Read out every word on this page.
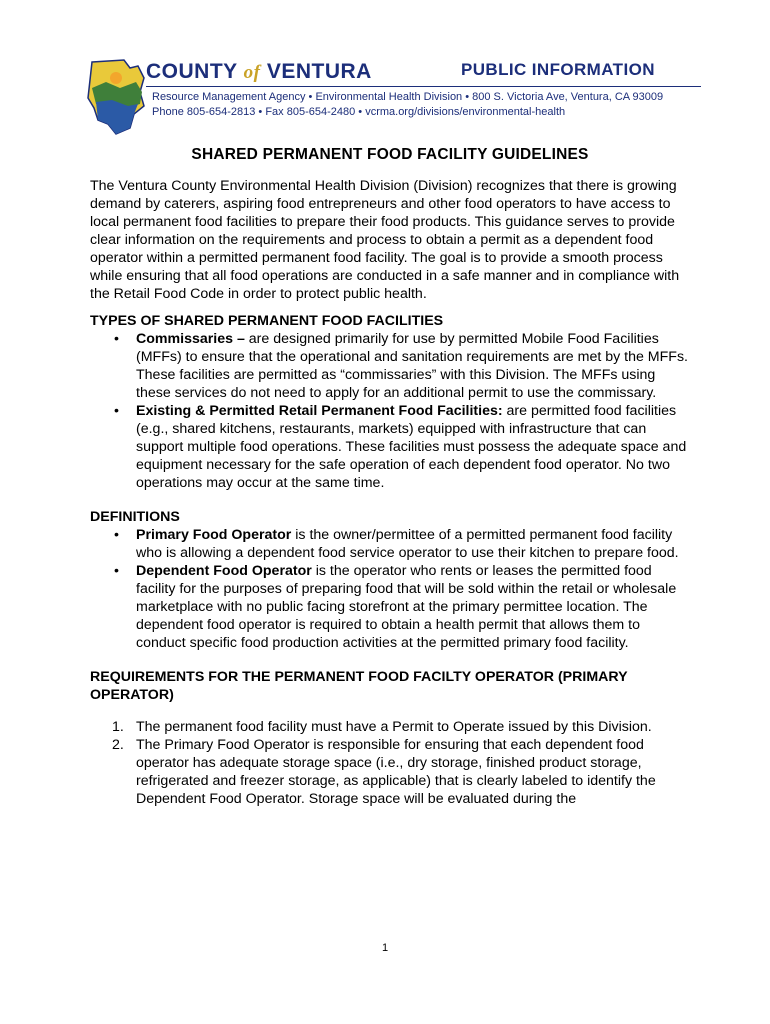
COUNTY of VENTURA	PUBLIC INFORMATION
Resource Management Agency • Environmental Health Division • 800 S. Victoria Ave, Ventura, CA 93009
Phone 805-654-2813 • Fax 805-654-2480 • vcrma.org/divisions/environmental-health
SHARED PERMANENT FOOD FACILITY GUIDELINES

The Ventura County Environmental Health Division (Division) recognizes that there is growing demand by caterers, aspiring food entrepreneurs and other food operators to have access to local permanent food facilities to prepare their food products. This guidance serves to provide clear information on the requirements and process to obtain a permit as a dependent food operator within a permitted permanent food facility. The goal is to provide a smooth process while ensuring that all food operations are conducted in a safe manner and in compliance with the Retail Food Code in order to protect public health.

TYPES OF SHARED PERMANENT FOOD FACILITIES
• Commissaries – are designed primarily for use by permitted Mobile Food Facilities (MFFs) to ensure that the operational and sanitation requirements are met by the MFFs. These facilities are permitted as “commissaries” with this Division. The MFFs using these services do not need to apply for an additional permit to use the commissary.
• Existing & Permitted Retail Permanent Food Facilities: are permitted food facilities (e.g., shared kitchens, restaurants, markets) equipped with infrastructure that can support multiple food operations. These facilities must possess the adequate space and equipment necessary for the safe operation of each dependent food operator. No two operations may occur at the same time.
DEFINITIONS
• Primary Food Operator is the owner/permittee of a permitted permanent food facility who is allowing a dependent food service operator to use their kitchen to prepare food.
• Dependent Food Operator is the operator who rents or leases the permitted food facility for the purposes of preparing food that will be sold within the retail or wholesale marketplace with no public facing storefront at the primary permittee location. The dependent food operator is required to obtain a health permit that allows them to conduct specific food production activities at the permitted primary food facility.
REQUIREMENTS FOR THE PERMANENT FOOD FACILTY OPERATOR (PRIMARY OPERATOR)
1. The permanent food facility must have a Permit to Operate issued by this Division.
2. The Primary Food Operator is responsible for ensuring that each dependent food operator has adequate storage space (i.e., dry storage, finished product storage, refrigerated and freezer storage, as applicable) that is clearly labeled to identify the Dependent Food Operator. Storage space will be evaluated during the
1
